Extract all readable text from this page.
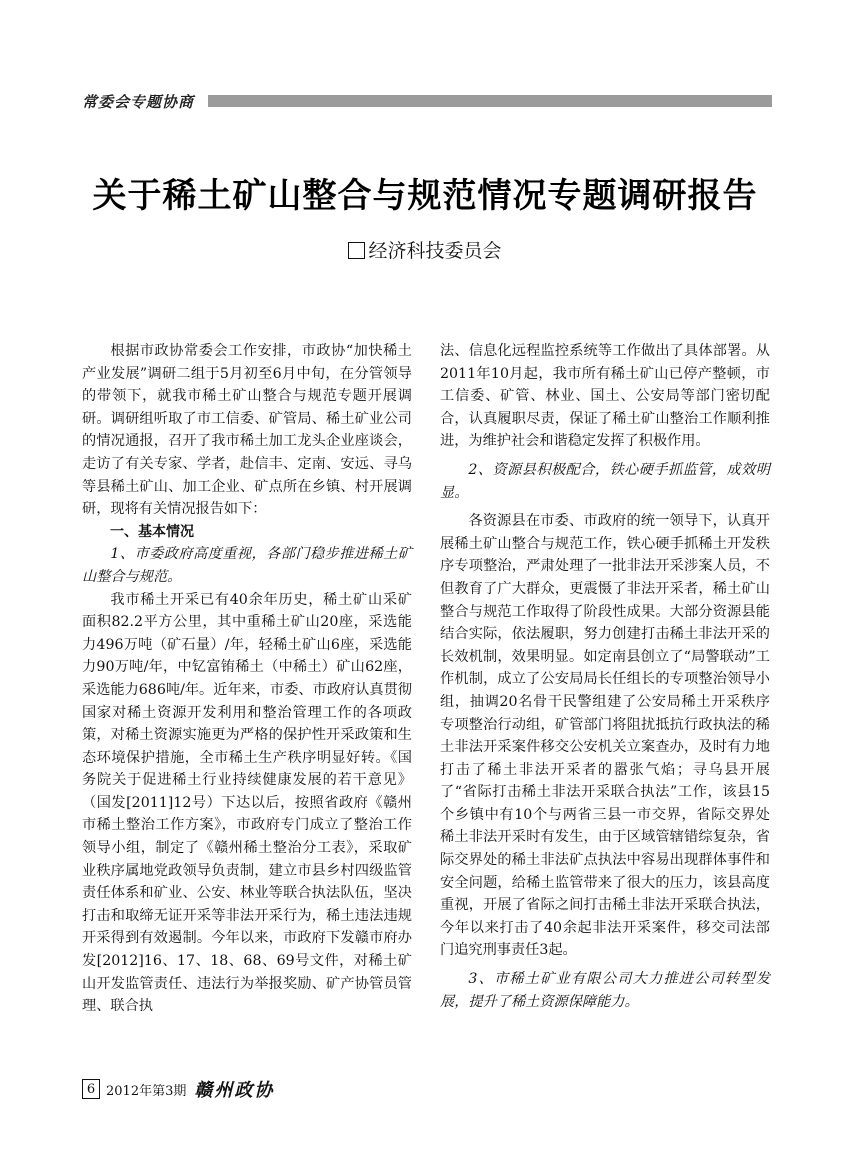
常委会专题协商
关于稀土矿山整合与规范情况专题调研报告
经济科技委员会

根据市政协常委会工作安排，市政协“加快稀土产业发展”调研二组于5月初至6月中旬，在分管领导的带领下，就我市稀土矿山整合与规范专题开展调研。调研组听取了市工信委、矿管局、稀土矿业公司的情况通报，召开了我市稀土加工龙头企业座谈会，走访了有关专家、学者，赴信丰、定南、安远、寻乌等县稀土矿山、加工企业、矿点所在乡镇、村开展调研，现将有关情况报告如下：

一、基本情况

1、市委政府高度重视，各部门稳步推进稀土矿山整合与规范。

我市稀土开采已有40余年历史，稀土矿山采矿面积82.2平方公里，其中重稀土矿山20座，采选能力496万吨（矿石量）/年，轻稀土矿山6座，采选能力90万吨/年，中钇富铕稀土（中稀土）矿山62座，采选能力686吨/年。近年来，市委、市政府认真贯彻国家对稀土资源开发利用和整治管理工作的各项政策，对稀土资源实施更为严格的保护性开采政策和生态环境保护措施，全市稀土生产秩序明显好转。《国务院关于促进稀土行业持续健康发展的若干意见》（国发[2011]12号）下达以后，按照省政府《赣州市稀土整治工作方案》，市政府专门成立了整治工作领导小组，制定了《赣州稀土整治分工表》，采取矿业秩序属地党政领导负责制，建立市县乡村四级监管责任体系和矿业、公安、林业等联合执法队伍，坚决打击和取缔无证开采等非法开采行为，稀土违法违规开采得到有效遏制。今年以来，市政府下发赣市府办发[2012]16、17、18、68、69号文件，对稀土矿山开发监管责任、违法行为举报奖励、矿产协管员管理、联合执

法、信息化远程监控系统等工作做出了具体部署。从2011年10月起，我市所有稀土矿山已停产整顿，市工信委、矿管、林业、国土、公安局等部门密切配合，认真履职尽责，保证了稀土矿山整治工作顺利推进，为维护社会和谐稳定发挥了积极作用。

2、资源县积极配合，铁心硬手抓监管，成效明显。

各资源县在市委、市政府的统一领导下，认真开展稀土矿山整合与规范工作，铁心硬手抓稀土开发秩序专项整治，严肃处理了一批非法开采涉案人员，不但教育了广大群众，更震慑了非法开采者，稀土矿山整合与规范工作取得了阶段性成果。大部分资源县能结合实际，依法履职，努力创建打击稀土非法开采的长效机制，效果明显。如定南县创立了“局警联动”工作机制，成立了公安局局长任组长的专项整治领导小组，抽调20名骨干民警组建了公安局稀土开采秩序专项整治行动组，矿管部门将阻扰抵抗行政执法的稀土非法开采案件移交公安机关立案查办，及时有力地打击了稀土非法开采者的嚣张气焰；寻乌县开展了“省际打击稀土非法开采联合执法”工作，该县15个乡镇中有10个与两省三县一市交界，省际交界处稀土非法开采时有发生，由于区域管辖错综复杂，省际交界处的稀土非法矿点执法中容易出现群体事件和安全问题，给稀土监管带来了很大的压力，该县高度重视，开展了省际之间打击稀土非法开采联合执法，今年以来打击了40余起非法开采案件，移交司法部门追究刑事责任3起。

3、市稀土矿业有限公司大力推进公司转型发展，提升了稀土资源保障能力。

6 2012年第3期 赣州政协
